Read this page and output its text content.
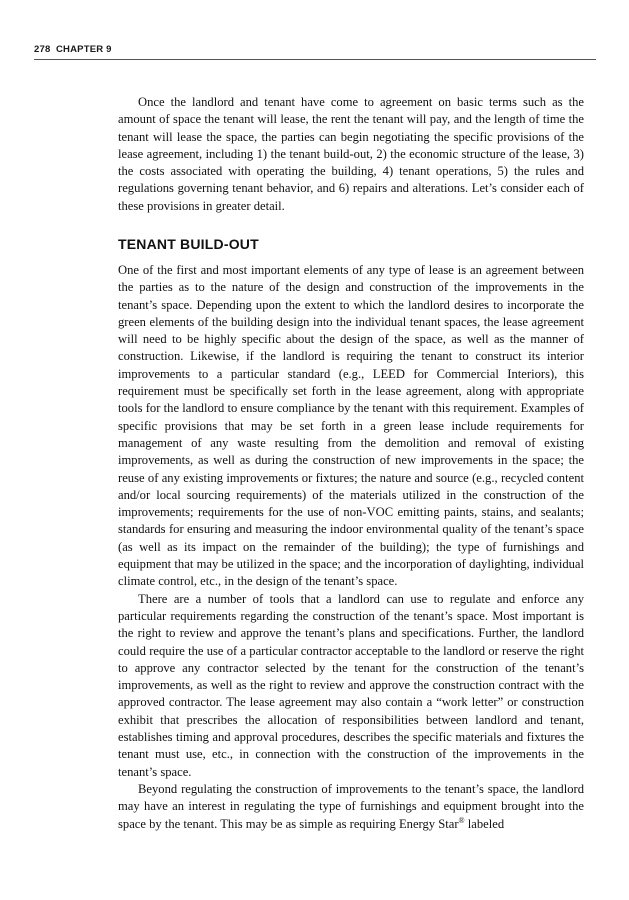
278 CHAPTER 9

Once the landlord and tenant have come to agreement on basic terms such as the amount of space the tenant will lease, the rent the tenant will pay, and the length of time the tenant will lease the space, the parties can begin negotiating the specific provisions of the lease agreement, including 1) the tenant build-out, 2) the economic structure of the lease, 3) the costs associated with operating the building, 4) tenant operations, 5) the rules and regulations governing tenant behavior, and 6) repairs and alterations. Let’s consider each of these provisions in greater detail.

TENANT BUILD-OUT

One of the first and most important elements of any type of lease is an agreement between the parties as to the nature of the design and construction of the improvements in the tenant’s space. Depending upon the extent to which the landlord desires to incorporate the green elements of the building design into the individual tenant spaces, the lease agreement will need to be highly specific about the design of the space, as well as the manner of construction. Likewise, if the landlord is requiring the tenant to construct its interior improvements to a particular standard (e.g., LEED for Commercial Interiors), this requirement must be specifically set forth in the lease agreement, along with appropriate tools for the landlord to ensure compliance by the tenant with this requirement. Examples of specific provisions that may be set forth in a green lease include requirements for management of any waste resulting from the demolition and removal of existing improvements, as well as during the construction of new improvements in the space; the reuse of any existing improvements or fixtures; the nature and source (e.g., recycled content and/or local sourcing requirements) of the materials utilized in the construction of the improvements; requirements for the use of non-VOC emitting paints, stains, and sealants; standards for ensuring and measuring the indoor environmental quality of the tenant’s space (as well as its impact on the remainder of the building); the type of furnishings and equipment that may be utilized in the space; and the incorporation of daylighting, individual climate control, etc., in the design of the tenant’s space.

There are a number of tools that a landlord can use to regulate and enforce any particular requirements regarding the construction of the tenant’s space. Most important is the right to review and approve the tenant’s plans and specifications. Further, the landlord could require the use of a particular contractor acceptable to the landlord or reserve the right to approve any contractor selected by the tenant for the construction of the tenant’s improvements, as well as the right to review and approve the construction contract with the approved contractor. The lease agreement may also contain a “work letter” or construction exhibit that prescribes the allocation of responsibilities between landlord and tenant, establishes timing and approval procedures, describes the specific materials and fixtures the tenant must use, etc., in connection with the construction of the improvements in the tenant’s space.

Beyond regulating the construction of improvements to the tenant’s space, the landlord may have an interest in regulating the type of furnishings and equipment brought into the space by the tenant. This may be as simple as requiring Energy Star® labeled
